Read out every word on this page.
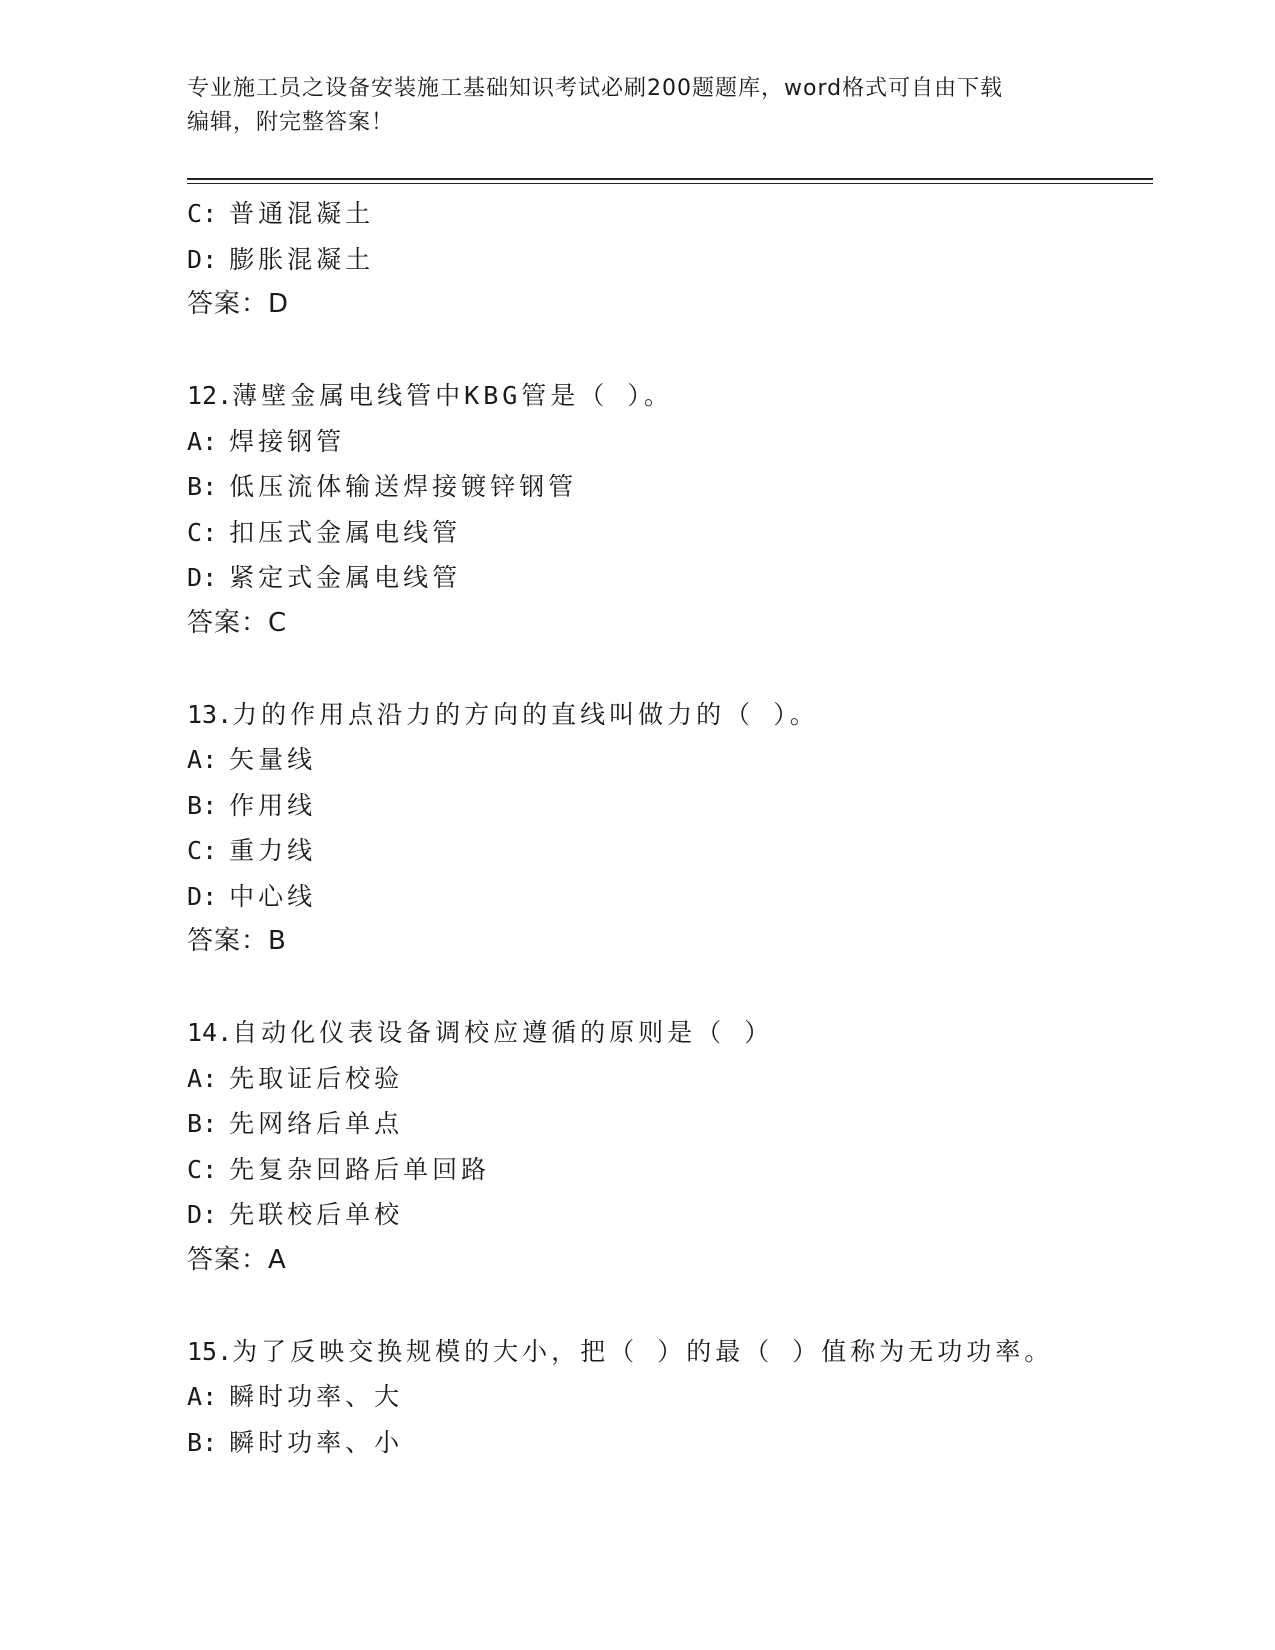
专业施工员之设备安装施工基础知识考试必刷200题题库，word格式可自由下载
编辑，附完整答案！
C: 普通混凝土
D: 膨胀混凝土
答案：D
12.薄壁金属电线管中KBG管是（ ）。
A: 焊接钢管
B: 低压流体输送焊接镀锌钢管
C: 扣压式金属电线管
D: 紧定式金属电线管
答案：C
13.力的作用点沿力的方向的直线叫做力的（ ）。
A: 矢量线
B: 作用线
C: 重力线
D: 中心线
答案：B
14.自动化仪表设备调校应遵循的原则是（ ）
A: 先取证后校验
B: 先网络后单点
C: 先复杂回路后单回路
D: 先联校后单校
答案：A
15.为了反映交换规模的大小，把（ ）的最（ ）值称为无功功率。
A: 瞬时功率、大
B: 瞬时功率、小
